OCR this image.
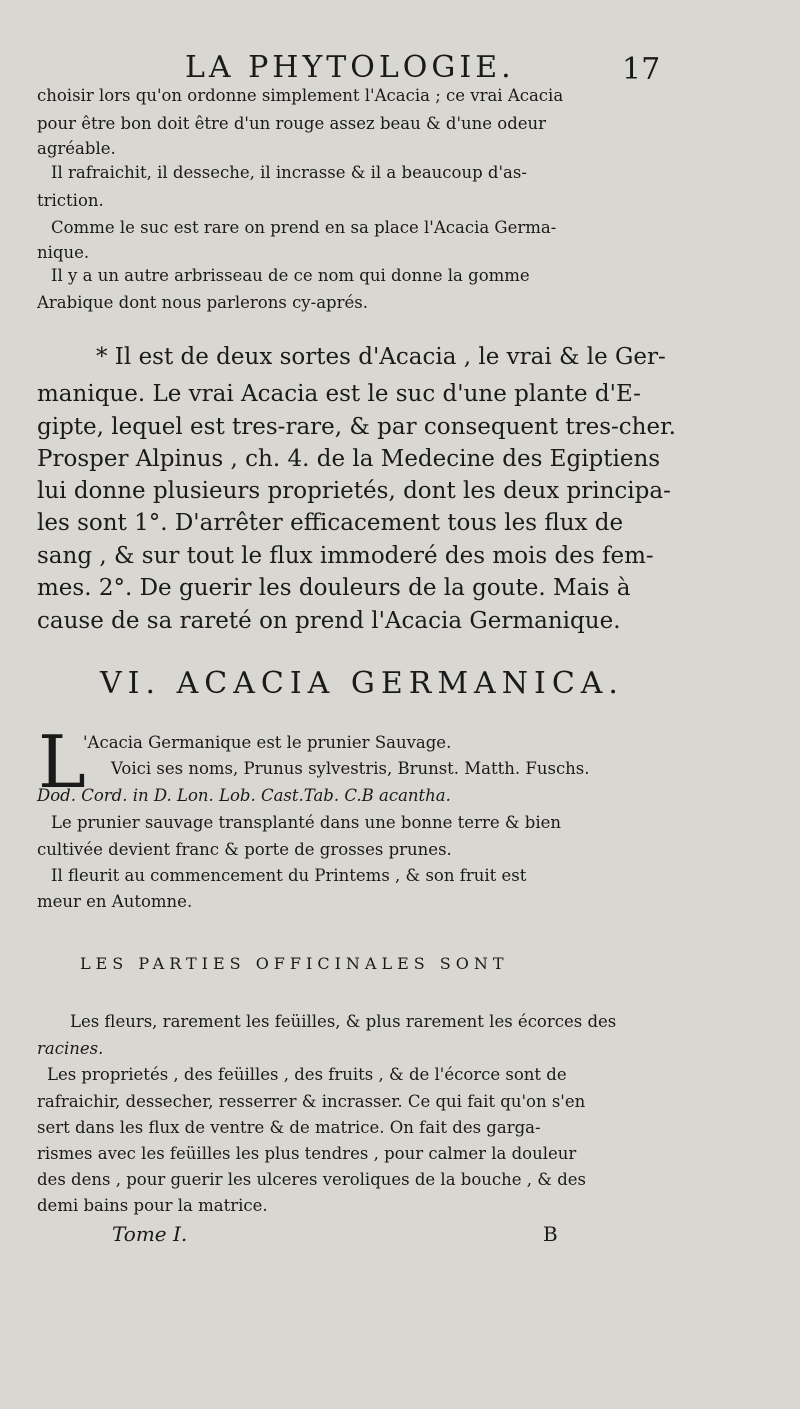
LA PHYTOLOGIE.	17
choisir lors qu'on ordonne simplement l'Acacia ; ce vrai Acacia
pour être bon doit être d'un rouge assez beau & d'une odeur
agréable.
Il rafraichit, il desseche, il incrasse & il a beaucoup d'as-
triction.
Comme le suc est rare on prend en sa place l'Acacia Germa-
nique.
Il y a un autre arbrisseau de ce nom qui donne la gomme
Arabique dont nous parlerons cy-aprés.
* Il est de deux sortes d'Acacia , le vrai & le Ger-
manique. Le vrai Acacia est le suc d'une plante d'E-
gipte, lequel est tres-rare, & par consequent tres-cher.
Prosper Alpinus , ch. 4. de la Medecine des Egiptiens
lui donne plusieurs proprietés, dont les deux principa-
les sont 1°. D'arrêter efficacement tous les flux de
sang , & sur tout le flux immoderé des mois des fem-
mes. 2°. De guerir les douleurs de la goute. Mais à
cause de sa rareté on prend l'Acacia Germanique.
VI. ACACIA GERMANICA.
L
'Acacia Germanique est le prunier Sauvage.
Voici ses noms, Prunus sylvestris, Brunst. Matth. Fuschs.
Dod. Cord. in D. Lon. Lob. Cast.Tab. C.B acantha.
Le prunier sauvage transplanté dans une bonne terre & bien
cultivée devient franc & porte de grosses prunes.
Il fleurit au commencement du Printems , & son fruit est
meur en Automne.
LES PARTIES OFFICINALES SONT
Les fleurs, rarement les feüilles, & plus rarement les écorces des
racines.
Les proprietés , des feüilles , des fruits , & de l'écorce sont de
rafraichir, dessecher, resserrer & incrasser. Ce qui fait qu'on s'en
sert dans les flux de ventre & de matrice. On fait des garga-
rismes avec les feüilles les plus tendres , pour calmer la douleur
des dens , pour guerir les ulceres veroliques de la bouche , & des
demi bains pour la matrice.
Tome I.	B
